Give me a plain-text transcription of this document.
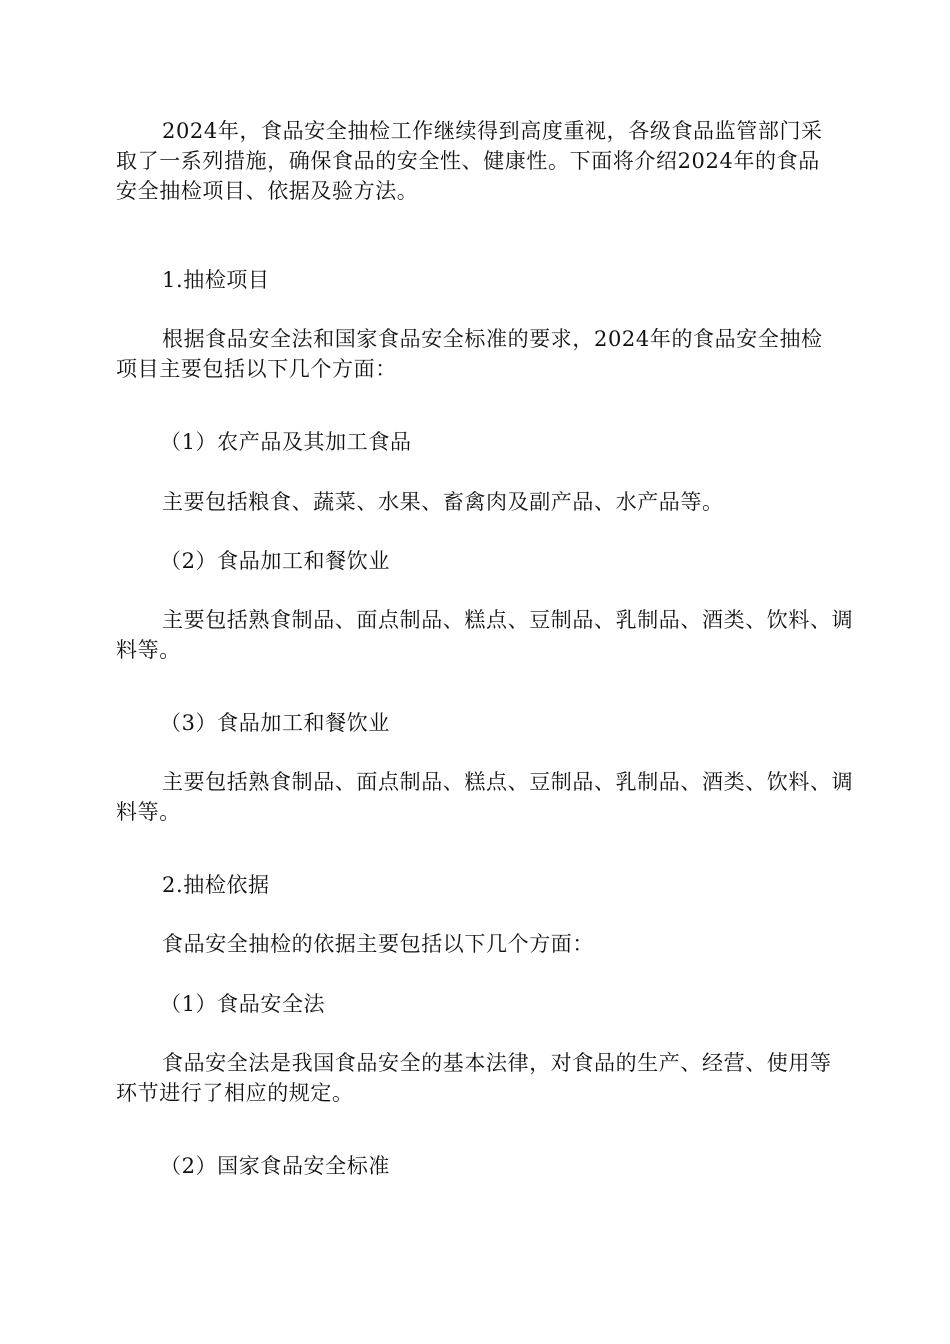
2024年，食品安全抽检工作继续得到高度重视，各级食品监管部门采取了一系列措施，确保食品的安全性、健康性。下面将介绍2024年的食品安全抽检项目、依据及验方法。

1.抽检项目

根据食品安全法和国家食品安全标准的要求，2024年的食品安全抽检项目主要包括以下几个方面：

（1）农产品及其加工食品

主要包括粮食、蔬菜、水果、畜禽肉及副产品、水产品等。

（2）食品加工和餐饮业

主要包括熟食制品、面点制品、糕点、豆制品、乳制品、酒类、饮料、调料等。

（3）食品加工和餐饮业

主要包括熟食制品、面点制品、糕点、豆制品、乳制品、酒类、饮料、调料等。

2.抽检依据

食品安全抽检的依据主要包括以下几个方面：

（1）食品安全法

食品安全法是我国食品安全的基本法律，对食品的生产、经营、使用等环节进行了相应的规定。

（2）国家食品安全标准
